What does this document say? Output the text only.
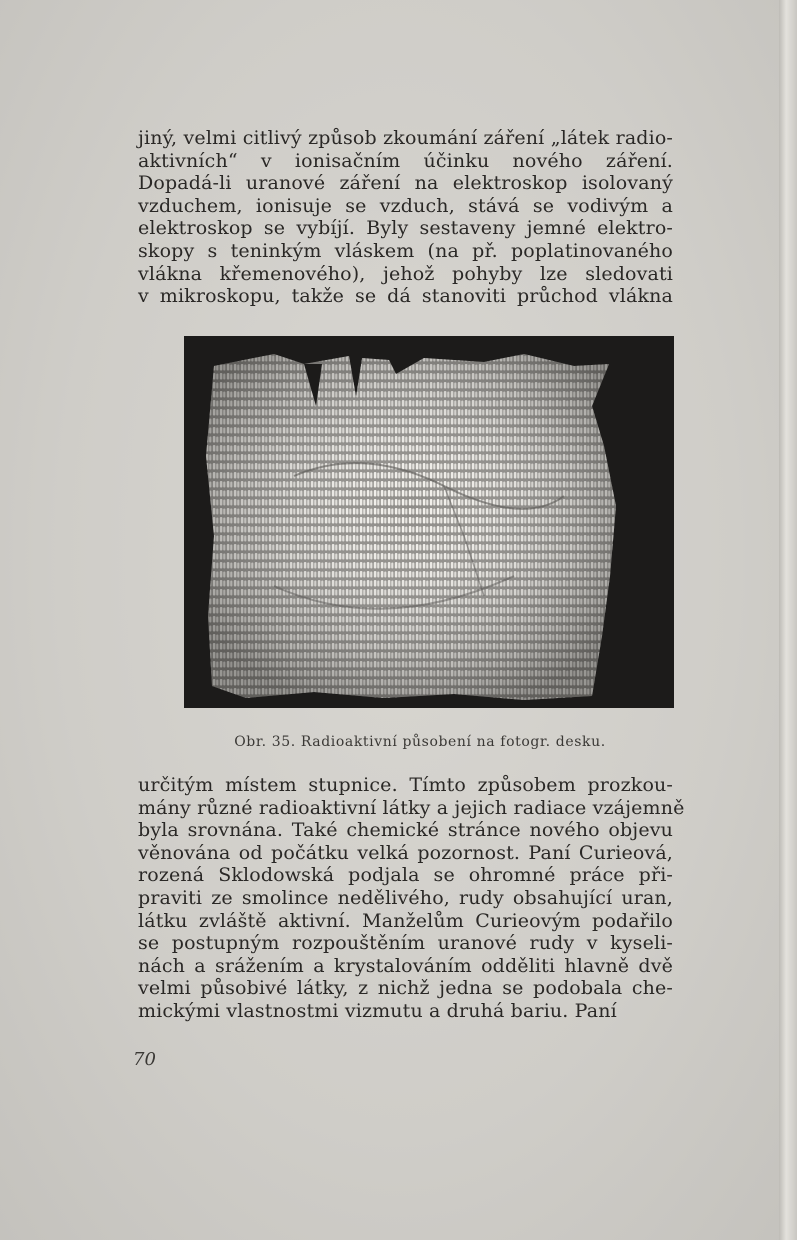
jiný, velmi citlivý způsob zkoumání záření „látek radio-
aktivních“ v ionisačním účinku nového záření.
Dopadá-li uranové záření na elektroskop isolovaný
vzduchem, ionisuje se vzduch, stává se vodivým a
elektroskop se vybíjí. Byly sestaveny jemné elektro-
skopy s teninkým vláskem (na př. poplatinovaného
vlákna křemenového), jehož pohyby lze sledovati
v mikroskopu, takže se dá stanoviti průchod vlákna
Obr. 35. Radioaktivní působení na fotogr. desku.
určitým místem stupnice. Tímto způsobem prozkou-
mány různé radioaktivní látky a jejich radiace vzájemně
byla srovnána. Také chemické stránce nového objevu
věnována od počátku velká pozornost. Paní Curieová,
rozená Sklodowská podjala se ohromné práce při-
praviti ze smolince nedělivého, rudy obsahující uran,
látku zvláště aktivní. Manželům Curieovým podařilo
se postupným rozpouštěním uranové rudy v kyseli-
nách a srážením a krystalováním odděliti hlavně dvě
velmi působivé látky, z nichž jedna se podobala che-
mickými vlastnostmi vizmutu a druhá bariu. Paní
70
